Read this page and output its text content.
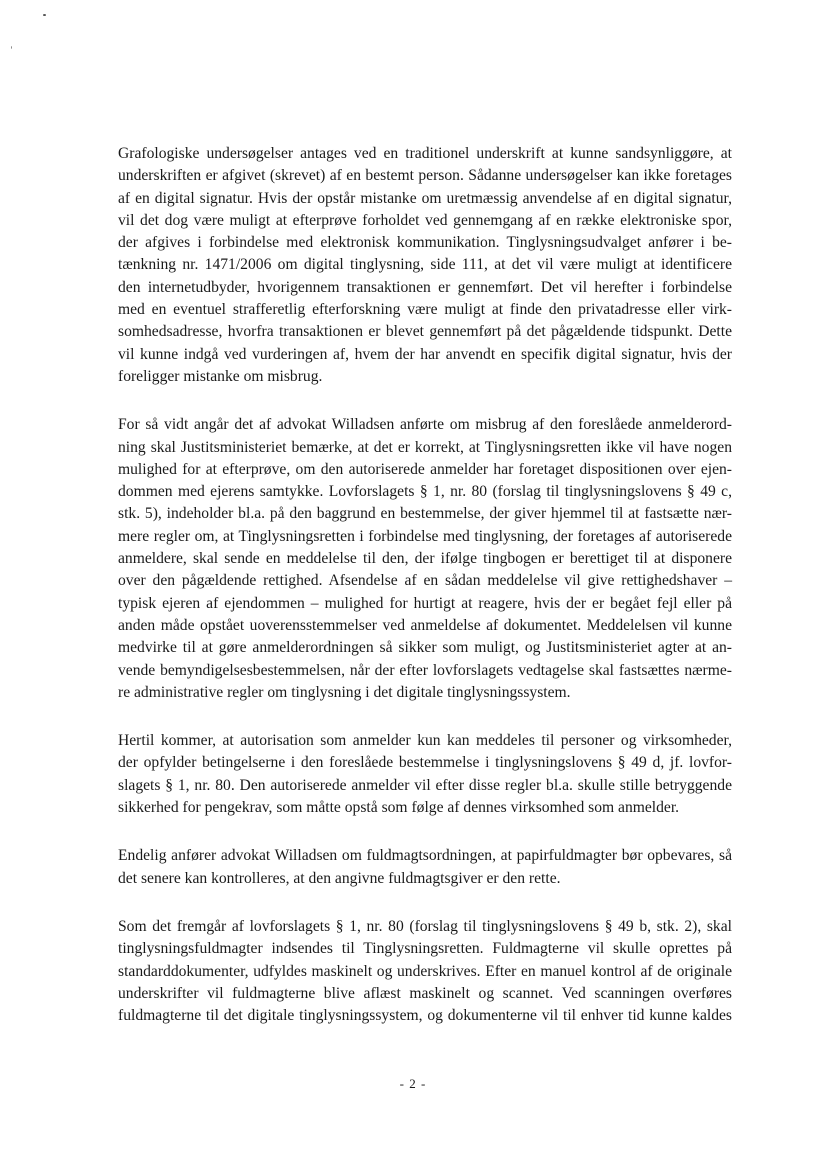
Grafologiske undersøgelser antages ved en traditionel underskrift at kunne sandsynliggøre, at
underskriften er afgivet (skrevet) af en bestemt person. Sådanne undersøgelser kan ikke foretages
af en digital signatur. Hvis der opstår mistanke om uretmæssig anvendelse af en digital signatur,
vil det dog være muligt at efterprøve forholdet ved gennemgang af en række elektroniske spor,
der afgives i forbindelse med elektronisk kommunikation. Tinglysningsudvalget anfører i be-
tænkning nr. 1471/2006 om digital tinglysning, side 111, at det vil være muligt at identificere
den internetudbyder, hvorigennem transaktionen er gennemført. Det vil herefter i forbindelse
med en eventuel strafferetlig efterforskning være muligt at finde den privatadresse eller virk-
somhedsadresse, hvorfra transaktionen er blevet gennemført på det pågældende tidspunkt. Dette
vil kunne indgå ved vurderingen af, hvem der har anvendt en specifik digital signatur, hvis der
foreligger mistanke om misbrug.

For så vidt angår det af advokat Willadsen anførte om misbrug af den foreslåede anmelderord-
ning skal Justitsministeriet bemærke, at det er korrekt, at Tinglysningsretten ikke vil have nogen
mulighed for at efterprøve, om den autoriserede anmelder har foretaget dispositionen over ejen-
dommen med ejerens samtykke. Lovforslagets § 1, nr. 80 (forslag til tinglysningslovens § 49 c,
stk. 5), indeholder bl.a. på den baggrund en bestemmelse, der giver hjemmel til at fastsætte nær-
mere regler om, at Tinglysningsretten i forbindelse med tinglysning, der foretages af autoriserede
anmeldere, skal sende en meddelelse til den, der ifølge tingbogen er berettiget til at disponere
over den pågældende rettighed. Afsendelse af en sådan meddelelse vil give rettighedshaver –
typisk ejeren af ejendommen – mulighed for hurtigt at reagere, hvis der er begået fejl eller på
anden måde opstået uoverensstemmelser ved anmeldelse af dokumentet. Meddelelsen vil kunne
medvirke til at gøre anmelderordningen så sikker som muligt, og Justitsministeriet agter at an-
vende bemyndigelsesbestemmelsen, når der efter lovforslagets vedtagelse skal fastsættes nærme-
re administrative regler om tinglysning i det digitale tinglysningssystem.

Hertil kommer, at autorisation som anmelder kun kan meddeles til personer og virksomheder,
der opfylder betingelserne i den foreslåede bestemmelse i tinglysningslovens § 49 d, jf. lovfor-
slagets § 1, nr. 80. Den autoriserede anmelder vil efter disse regler bl.a. skulle stille betryggende
sikkerhed for pengekrav, som måtte opstå som følge af dennes virksomhed som anmelder.

Endelig anfører advokat Willadsen om fuldmagtsordningen, at papirfuldmagter bør opbevares, så
det senere kan kontrolleres, at den angivne fuldmagtsgiver er den rette.

Som det fremgår af lovforslagets § 1, nr. 80 (forslag til tinglysningslovens § 49 b, stk. 2), skal
tinglysningsfuldmagter indsendes til Tinglysningsretten. Fuldmagterne vil skulle oprettes på
standarddokumenter, udfyldes maskinelt og underskrives. Efter en manuel kontrol af de originale
underskrifter vil fuldmagterne blive aflæst maskinelt og scannet. Ved scanningen overføres
fuldmagterne til det digitale tinglysningssystem, og dokumenterne vil til enhver tid kunne kaldes

- 2 -
